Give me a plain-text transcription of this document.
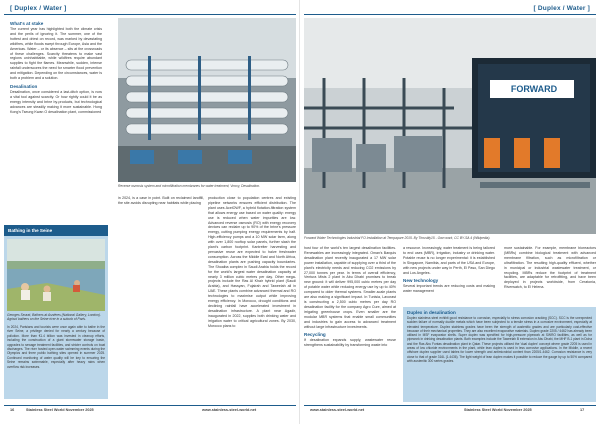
[ Duplex / Water ]
What's at stake
The current year has highlighted both the climate crisis and the perils of ignoring it. The summer, one of the hottest and driest on record, was marked by devastating wildfires, while floods swept through Europe, Asia and the Americas. Water – or its absence – sits at the crossroads of these challenges. Scarcity threatens to make vast regions uninhabitable, while wildfires require abundant supplies to fight the flames. Meanwhile, sudden, intense rainfall underscores the need for smarter flood prevention and mitigation. Depending on the circumstances, water is both a problem and a solution.
Desalination
Desalination, once considered a last-ditch option, is now a vital tool against scarcity. Or how rightly could it be as energy intensity and brine by-products, but technological advances are steadily making it more sustainable. Hong Kong's Tseung Kwan O desalination plant, commissioned
Reverse osmosis system and microfiltration membranes for water treatment, Vnoxy, Desalination.
in 2024, is a case in point. Built on reclaimed landfill, the site avoids disrupting near habitats while placing
production close to population centres and existing pipeline networks ensures efficient distribution. The plant uses AcelOWF, a hybrid flotation-filtration system that allows energy use based on water quality: energy use is reduced when water impurities are low. Advanced reverse osmosis (RO) with energy recovery devices can reclaim up to 90% of the brine's pressure energy, cutting pumping energy requirements by half. High-efficiency pumps and a 10 MW solar farm, along with over 1,800 rooftop solar panels, further slash the plant's carbon footprint. Kantreiter harvesting and pervasive reuse are expected to halve freshwater consumption. Across the Middle East and North Africa, desalination plants are pushing capacity boundaries. The Shoaiba complex in Saudi Arabia holds the record for the world's largest water desalination capacity at nearly 3 million cubic metres per day. Other mega-projects include the Ras Al Khair hybrid plant (Saudi Arabia), and Hassyan, Fujairah and Taweelah all in UAE. These plants combine advanced thermal and RO technologies to maximise output while improving energy efficiency. In Morocco, drought conditions and declining rainfall have accelerated investment in desalination infrastructure. A plant near Agadir, inaugurated in 2022, supplies both drinking water and irrigation water to critical agricultural zones. By 2030, Morocco plans to
Bathing in the Seine
Georges Seurat, Bathers at Asnières (National Gallery, London). Agrisol bathers on the Seine river in a suburb of Paris.
In 2024, Parisians and tourists were once again able to bathe in the river Seine, a privilege denied for nearly a century because of pollution. More than €1.4 billion was invested in cleanup efforts, including the construction of a giant stormwater storage basin, upgrades to sewage treatment facilities, and stricter controls on boat discharges. The river hosted open-water swimming events during the Olympics and three public bathing sites opened in summer 2025. Continued monitoring of water quality will be key to ensuring the Seine remains swimmable, especially after heavy rains when overflow risk increases.
16	Stainless Steel World November 2025	www.stainless-steel-world.net
[ Duplex / Water ]
FORWARD
Forward Water Technologies Industrial FO Installation at Tempapure 2015. By Thrustity15 - Own work, CC BY-SA 4 (Wikipedia).
host four of the world's ten largest desalination facilities. Renewables are increasingly integrated. Oman's Barquis desalination plant recently inaugurated a 17 MW solar power installation, capable of supplying over a third of the plant's electricity needs and reducing CO2 emissions by 27,000 tonnes per year. In terms of overall efficiency, Ventura Mists 2 plant in Abu Dhabi promises to break new ground: it will deliver 995,000 cubic metres per day of potable water while reducing energy use by up to 40% compared to older thermal systems. Smaller-scale plants are also making a significant impact. In Tunisia, Lavorast is constructing a 2,500 cubic metres per day RO desalination facility for the company Agro Cure, aimed at irrigating greenhouse crops. Even smaller are the modular MBR systems that enable small communities and industries to gain access to advanced treatment without large infrastructure investments.
Recycling
If desalination expands supply, wastewater reuse strengthens sustainability by transforming waste into
a resource. Increasingly, water treatment is being tailored to end uses (MBR), irrigation, industry or drinking water. Potable reuse is no longer experimental: it is established in Singapore, Namibia, and parts of the USA and Europe, with new projects under way in Perth, El Paso, San Diego and Los Angeles.
New technology
Several important trends are reducing costs and making water management
more sustainable. For example, membrane bioreactors (MBRs) combine biological treatment with advanced membrane filtration, such as microfiltration or ultrafiltration. The resulting high-quality effluent, whether in municipal or industrial wastewater treatment, or recycling. MBRs reduce the footprint of treatment facilities, are adaptable for retrofitting, and have been deployed in projects worldwide, from Ceratonia, Riverwatch, to El Helena.
Duplex in desalination
Duplex stainless steel exhibit good resistance to corrosion, especially to stress corrosion cracking (SCC). SCC is the unexpected sudden failure of normally ductile metals which have been subjected to a tensile stress in a corrosive environment, especially at elevated temperature. Duplex stainless grades have been the strength of austenitic grades and are particularly cost-effective because of their mechanical properties. They are also excellent evaporative materials. Duplex grade 2205 / 4462 has already been utilised in MSF evaporator shells. Super duplex was specified for high-pressure pipework at SWRO facilities, as well as for pipework in drinking desalination plants. Both examples include the Taweelah B extension in Abu Dhabi, the MHF B-1 plant in Doha and the Ras Abu Fontas desalination plant in Qatar. These projects utilised the 'dual duplex' concept where grade 2205 is used in areas of low chloride environments in the plant, while lean duplex is used in less corrosive applications. In the Middle, a recent offshore duplex supplier used tables for lower strength and antimicrobial content than 2205/1.4462. Corrosion resistance is very close to that of grade 316L (1.4436). The light weight of lean duplex makes it possible to reduce the gauge by up to 50% compared with austenitic 300 series grades.
www.stainless-steel-world.net	Stainless Steel World November 2025	17
